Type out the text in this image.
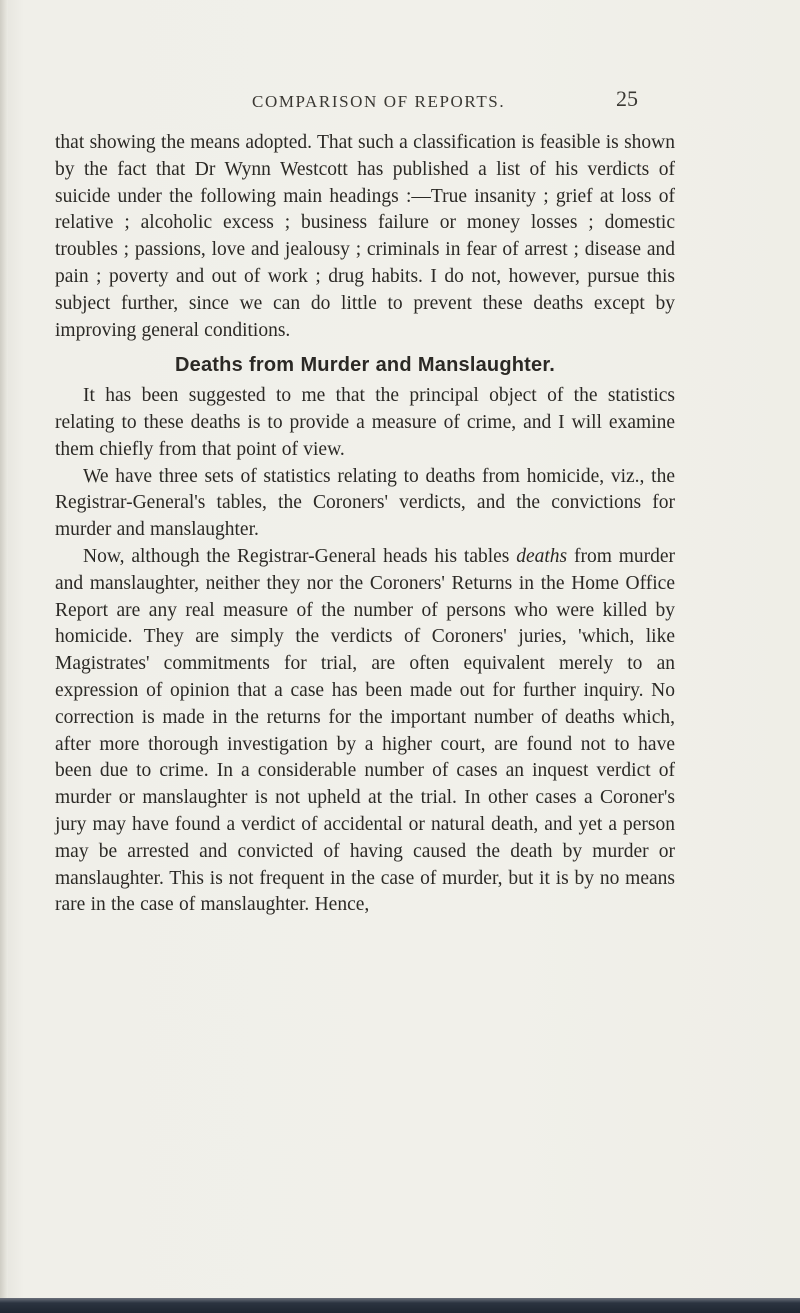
COMPARISON OF REPORTS.	25

that showing the means adopted. That such a classification is feasible is shown by the fact that Dr Wynn Westcott has published a list of his verdicts of suicide under the following main headings :—True insanity ; grief at loss of relative ; alcoholic excess ; business failure or money losses ; domestic troubles ; passions, love and jealousy ; criminals in fear of arrest ; disease and pain ; poverty and out of work ; drug habits. I do not, however, pursue this subject further, since we can do little to prevent these deaths except by improving general conditions.

Deaths from Murder and Manslaughter.

It has been suggested to me that the principal object of the statistics relating to these deaths is to provide a measure of crime, and I will examine them chiefly from that point of view.

We have three sets of statistics relating to deaths from homicide, viz., the Registrar-General's tables, the Coroners' verdicts, and the convictions for murder and manslaughter.

Now, although the Registrar-General heads his tables deaths from murder and manslaughter, neither they nor the Coroners' Returns in the Home Office Report are any real measure of the number of persons who were killed by homicide. They are simply the verdicts of Coroners' juries, 'which, like Magistrates' commitments for trial, are often equivalent merely to an expression of opinion that a case has been made out for further inquiry. No correction is made in the returns for the important number of deaths which, after more thorough investigation by a higher court, are found not to have been due to crime. In a considerable number of cases an inquest verdict of murder or manslaughter is not upheld at the trial. In other cases a Coroner's jury may have found a verdict of accidental or natural death, and yet a person may be arrested and convicted of having caused the death by murder or manslaughter. This is not frequent in the case of murder, but it is by no means rare in the case of manslaughter. Hence,
